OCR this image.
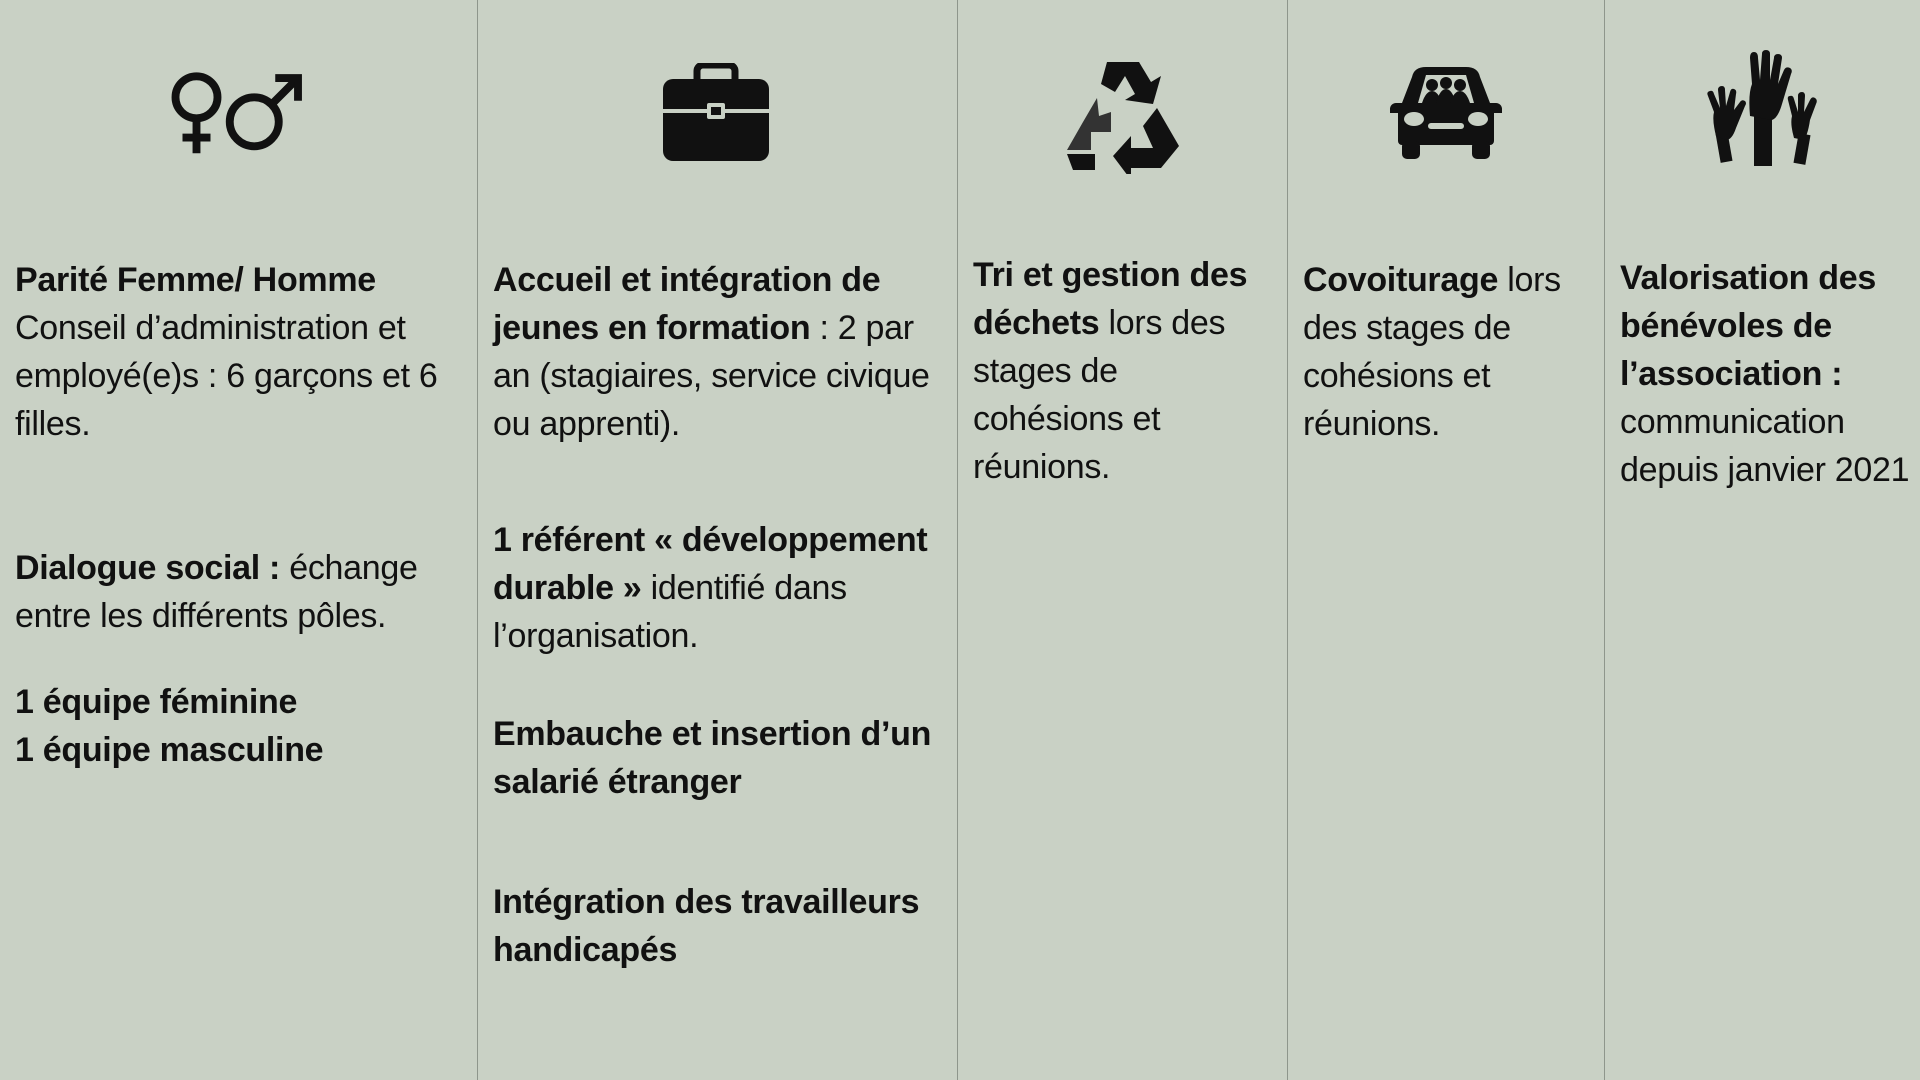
Parité Femme/ Homme
Conseil d’administration et employé(e)s : 6 garçons et 6 filles.

Dialogue social : échange entre les différents pôles.

1 équipe féminine
1 équipe masculine

Accueil et intégration de jeunes en formation : 2 par an (stagiaires, service civique ou apprenti).

1 référent « développement durable » identifié dans l’organisation.

Embauche et insertion d’un salarié étranger

Intégration des travailleurs handicapés

Tri et gestion des déchets lors des stages de cohésions et réunions.

Covoiturage lors des stages de cohésions et réunions.

Valorisation des bénévoles de l’association : communication depuis janvier 2021
